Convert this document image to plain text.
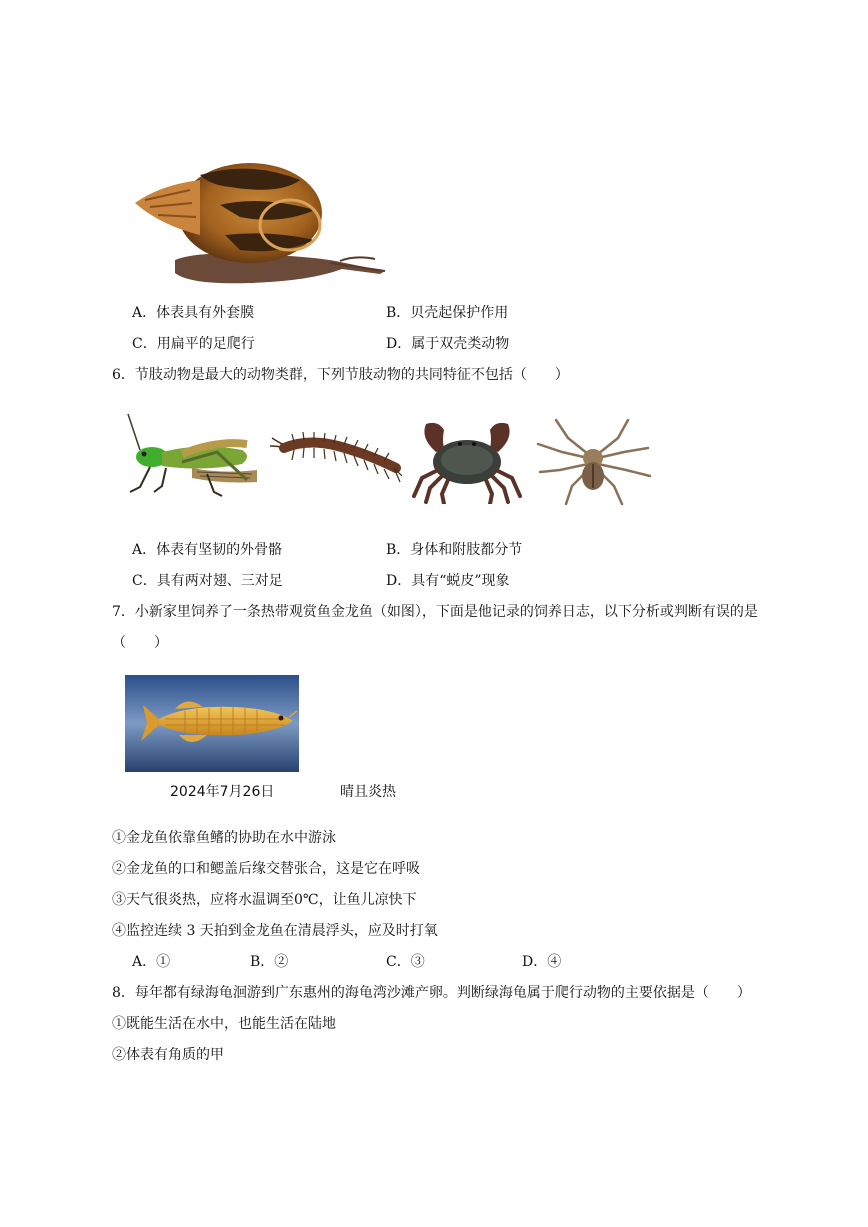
A．体表具有外套膜	B．贝壳起保护作用
C．用扁平的足爬行	D．属于双壳类动物
6．节肢动物是最大的动物类群，下列节肢动物的共同特征不包括（　　）
A．体表有坚韧的外骨骼	B．身体和附肢都分节
C．具有两对翅、三对足	D．具有“蜕皮”现象
7．小新家里饲养了一条热带观赏鱼金龙鱼（如图），下面是他记录的饲养日志，以下分析或判断有误的是
（　　）
2024年7月26日	晴且炎热
①金龙鱼依靠鱼鳍的协助在水中游泳
②金龙鱼的口和鳃盖后缘交替张合，这是它在呼吸
③天气很炎热，应将水温调至0℃，让鱼儿凉快下
④监控连续 3 天拍到金龙鱼在清晨浮头，应及时打氧
A．①	B．②	C．③	D．④
8．每年都有绿海龟洄游到广东惠州的海龟湾沙滩产卵。判断绿海龟属于爬行动物的主要依据是（　　）
①既能生活在水中，也能生活在陆地
②体表有角质的甲
